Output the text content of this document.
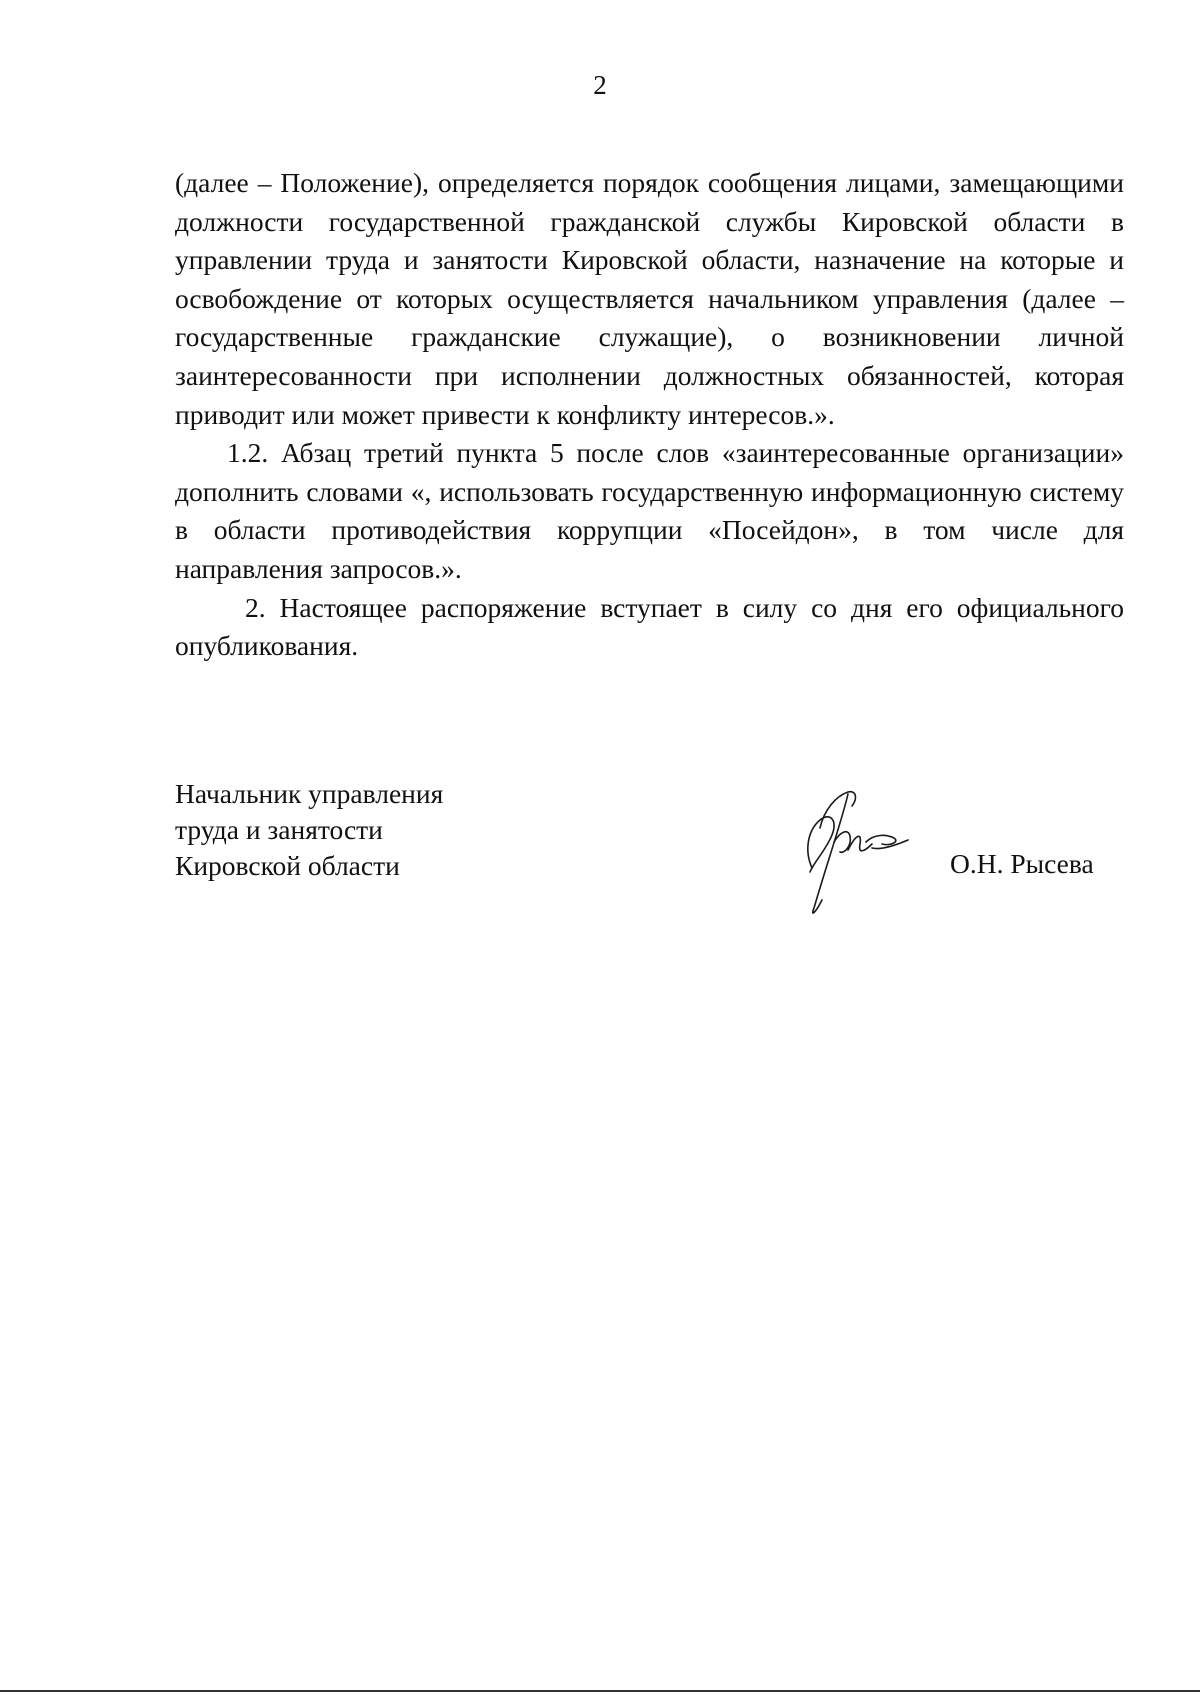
2

(далее – Положение), определяется порядок сообщения лицами, замещающими должности государственной гражданской службы Кировской области в управлении труда и занятости Кировской области, назначение на которые и освобождение от которых осуществляется начальником управления (далее – государственные гражданские служащие), о возникновении личной заинтересованности при исполнении должностных обязанностей, которая приводит или может привести к конфликту интересов.».

1.2. Абзац третий пункта 5 после слов «заинтересованные организации» дополнить словами «, использовать государственную информационную систему в области противодействия коррупции «Посейдон», в том числе для направления запросов.».

2. Настоящее распоряжение вступает в силу со дня его официального опубликования.

Начальник управления
труда и занятости
Кировской области	О.Н. Рысева
